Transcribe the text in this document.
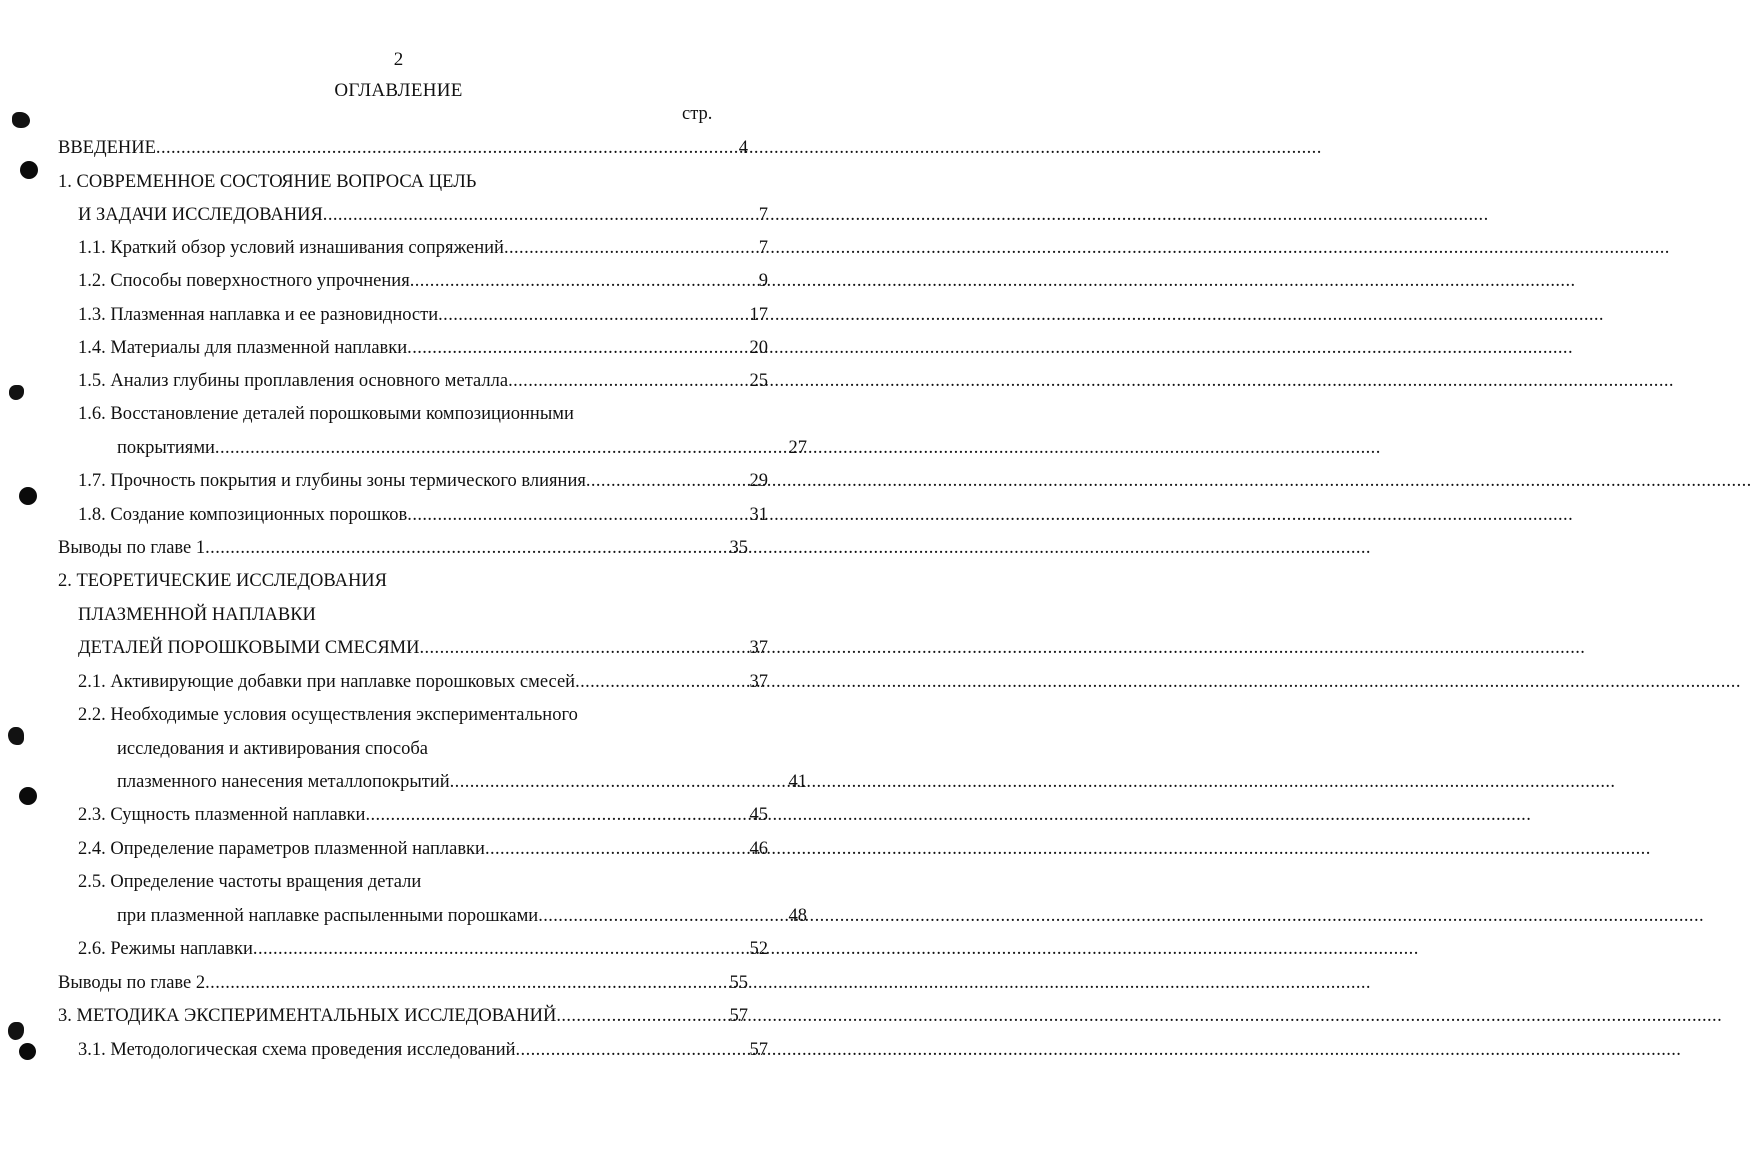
2
ОГЛАВЛЕНИЕ
стр.
ВВЕДЕНИЕ .....	4
1. СОВРЕМЕННОЕ СОСТОЯНИЕ ВОПРОСА ЦЕЛЬ
И ЗАДАЧИ ИССЛЕДОВАНИЯ .....	7
1.1. Краткий обзор условий изнашивания сопряжений .....	7
1.2. Способы поверхностного упрочнения .....	9
1.3. Плазменная наплавка и ее разновидности .....	17
1.4. Материалы для плазменной наплавки .....	20
1.5. Анализ глубины проплавления основного металла .....	25
1.6. Восстановление деталей порошковыми композиционными
покрытиями .....	27
1.7. Прочность покрытия и глубины зоны термического влияния .....	29
1.8. Создание композиционных порошков .....	31
Выводы по главе 1 .....	35
2. ТЕОРЕТИЧЕСКИЕ ИССЛЕДОВАНИЯ
ПЛАЗМЕННОЙ НАПЛАВКИ
ДЕТАЛЕЙ ПОРОШКОВЫМИ СМЕСЯМИ .....	37
2.1. Активирующие добавки при наплавке порошковых смесей .....	37
2.2. Необходимые условия осуществления экспериментального
исследования и активирования способа
плазменного нанесения металлопокрытий .....	41
2.3. Сущность плазменной наплавки .....	45
2.4. Определение параметров плазменной наплавки .....	46
2.5. Определение частоты вращения детали
при плазменной наплавке распыленными порошками .....	48
2.6. Режимы наплавки .....	52
Выводы по главе 2 .....	55
3. МЕТОДИКА ЭКСПЕРИМЕНТАЛЬНЫХ ИССЛЕДОВАНИЙ .....	57
3.1. Методологическая схема проведения исследований .....	57
